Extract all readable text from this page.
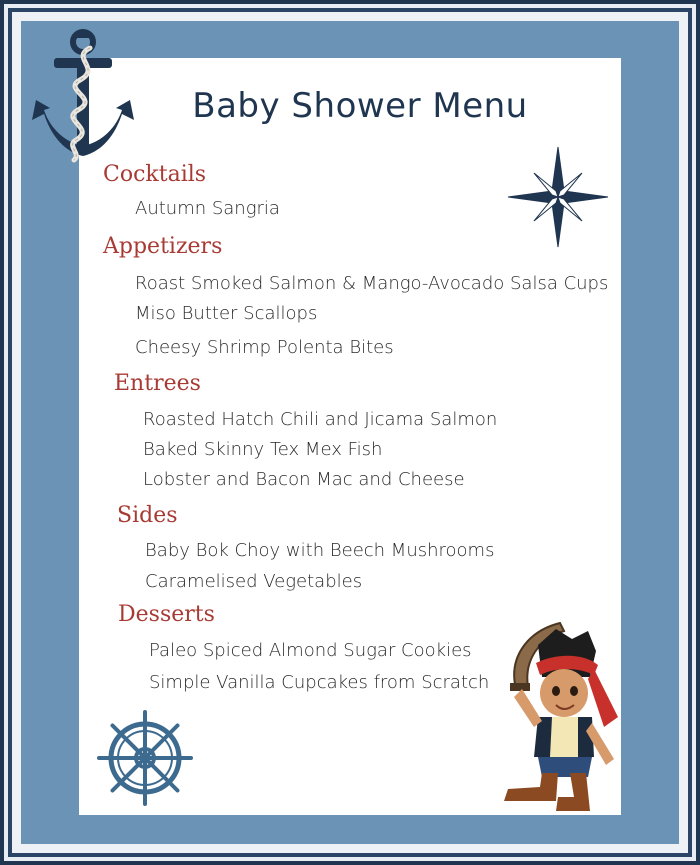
Baby Shower Menu
Cocktails
Autumn Sangria
Appetizers
Roast Smoked Salmon & Mango-Avocado Salsa Cups
Miso Butter Scallops
Cheesy Shrimp Polenta Bites
Entrees
Roasted Hatch Chili and Jicama Salmon
Baked Skinny Tex Mex Fish
Lobster and Bacon Mac and Cheese
Sides
Baby Bok Choy with Beech Mushrooms
Caramelised Vegetables
Desserts
Paleo Spiced Almond Sugar Cookies
Simple Vanilla Cupcakes from Scratch
